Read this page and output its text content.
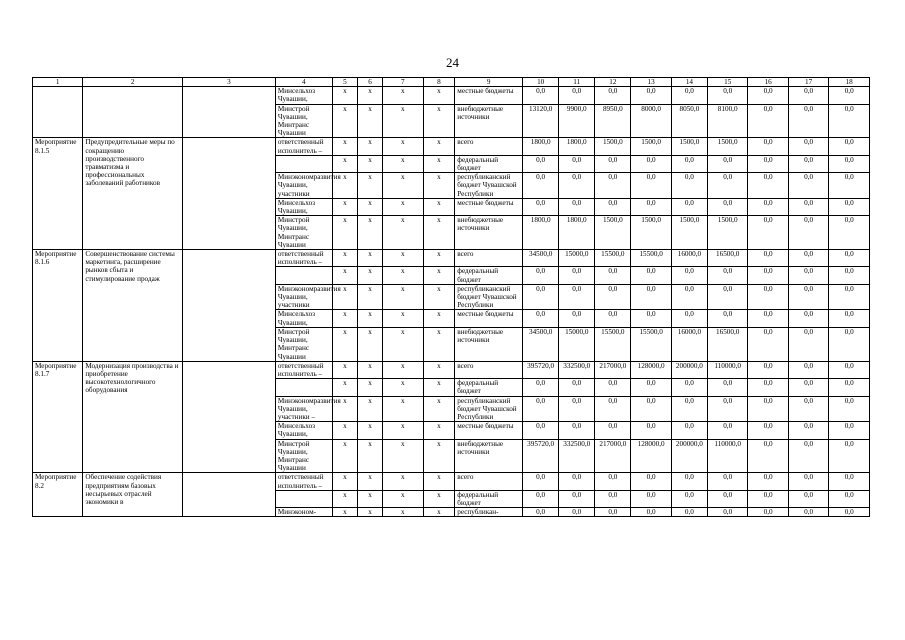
24
1	2	3	4	5	6	7	8	9	10	11	12	13	14	15	16	17	18
			Минсельхоз Чувашии,	x	x	x	x	местные бюджеты	0,0	0,0	0,0	0,0	0,0	0,0	0,0	0,0	0,0
			Минстрой Чувашии, Минтранс Чувашии	x	x	x	x	внебюджетные источники	13120,0	9900,0	8950,0	8000,0	8050,0	8100,0	0,0	0,0	0,0
Мероприятие 8.1.5	Предупредительные меры по сокращению производственного травматизма и профессиональных заболеваний работников		ответственный исполнитель –	x	x	x	x	всего	1800,0	1800,0	1500,0	1500,0	1500,0	1500,0	0,0	0,0	0,0
				x	x	x	x	федеральный бюджет	0,0	0,0	0,0	0,0	0,0	0,0	0,0	0,0	0,0
			Минэкономразвития Чувашии, участники	x	x	x	x	республиканский бюджет Чувашской Республики	0,0	0,0	0,0	0,0	0,0	0,0	0,0	0,0	0,0
			Минсельхоз Чувашии,	x	x	x	x	местные бюджеты	0,0	0,0	0,0	0,0	0,0	0,0	0,0	0,0	0,0
			Минстрой Чувашии, Минтранс Чувашии	x	x	x	x	внебюджетные источники	1800,0	1800,0	1500,0	1500,0	1500,0	1500,0	0,0	0,0	0,0
Мероприятие 8.1.6	Совершенствование системы маркетинга, расширение рынков сбыта и стимулирование продаж		ответственный исполнитель –	x	x	x	x	всего	34500,0	15000,0	15500,0	15500,0	16000,0	16500,0	0,0	0,0	0,0
				x	x	x	x	федеральный бюджет	0,0	0,0	0,0	0,0	0,0	0,0	0,0	0,0	0,0
			Минэкономразвития Чувашии, участники	x	x	x	x	республиканский бюджет Чувашской Республики	0,0	0,0	0,0	0,0	0,0	0,0	0,0	0,0	0,0
			Минсельхоз Чувашии,	x	x	x	x	местные бюджеты	0,0	0,0	0,0	0,0	0,0	0,0	0,0	0,0	0,0
			Минстрой Чувашии, Минтранс Чувашии	x	x	x	x	внебюджетные источники	34500,0	15000,0	15500,0	15500,0	16000,0	16500,0	0,0	0,0	0,0
Мероприятие 8.1.7	Модернизация производства и приобретение высокотехнологичного оборудования		ответственный исполнитель –	x	x	x	x	всего	395720,0	332500,0	217000,0	128000,0	200000,0	110000,0	0,0	0,0	0,0
				x	x	x	x	федеральный бюджет	0,0	0,0	0,0	0,0	0,0	0,0	0,0	0,0	0,0
			Минэкономразвития Чувашии, участники –	x	x	x	x	республиканский бюджет Чувашской Республики	0,0	0,0	0,0	0,0	0,0	0,0	0,0	0,0	0,0
			Минсельхоз Чувашии,	x	x	x	x	местные бюджеты	0,0	0,0	0,0	0,0	0,0	0,0	0,0	0,0	0,0
			Минстрой Чувашии, Минтранс Чувашии	x	x	x	x	внебюджетные источники	395720,0	332500,0	217000,0	128000,0	200000,0	110000,0	0,0	0,0	0,0
Мероприятие 8.2	Обеспечение содействия предприятиям базовых несырьевых отраслей экономики в		ответственный исполнитель –	x	x	x	x	всего	0,0	0,0	0,0	0,0	0,0	0,0	0,0	0,0	0,0
				x	x	x	x	федеральный бюджет	0,0	0,0	0,0	0,0	0,0	0,0	0,0	0,0	0,0
			Минэконом-	x	x	x	x	республикан-	0,0	0,0	0,0	0,0	0,0	0,0	0,0	0,0	0,0
